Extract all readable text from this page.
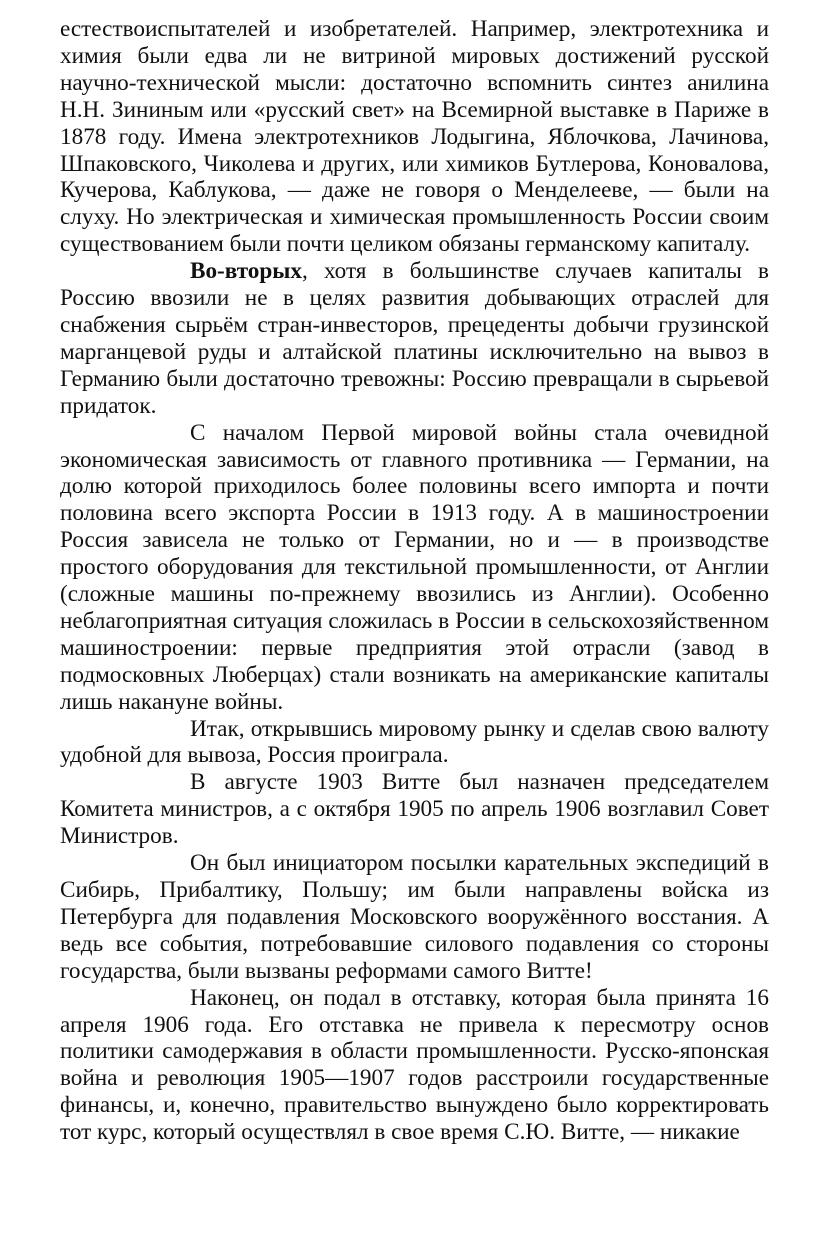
естествоиспытателей и изобретателей. Например, электротехника и химия были едва ли не витриной мировых достижений русской научно-технической мысли: достаточно вспомнить синтез анилина Н.Н. Зининым или «русский свет» на Всемирной выставке в Париже в 1878 году. Имена электротехников Лодыгина, Яблочкова, Лачинова, Шпаковского, Чиколева и других, или химиков Бутлерова, Коновалова, Кучерова, Каблукова, — даже не говоря о Менделееве, — были на слуху. Но электрическая и химическая промышленность России своим существованием были почти целиком обязаны германскому капиталу.

Во-вторых, хотя в большинстве случаев капиталы в Россию ввозили не в целях развития добывающих отраслей для снабжения сырьём стран-инвесторов, прецеденты добычи грузинской марганцевой руды и алтайской платины исключительно на вывоз в Германию были достаточно тревожны: Россию превращали в сырьевой придаток.

С началом Первой мировой войны стала очевидной экономическая зависимость от главного противника — Германии, на долю которой приходилось более половины всего импорта и почти половина всего экспорта России в 1913 году. А в машиностроении Россия зависела не только от Германии, но и — в производстве простого оборудования для текстильной промышленности, от Англии (сложные машины по-прежнему ввозились из Англии). Особенно неблагоприятная ситуация сложилась в России в сельскохозяйственном машиностроении: первые предприятия этой отрасли (завод в подмосковных Люберцах) стали возникать на американские капиталы лишь накануне войны.

Итак, открывшись мировому рынку и сделав свою валюту удобной для вывоза, Россия проиграла.

В августе 1903 Витте был назначен председателем Комитета министров, а с октября 1905 по апрель 1906 возглавил Совет Министров.

Он был инициатором посылки карательных экспедиций в Сибирь, Прибалтику, Польшу; им были направлены войска из Петербурга для подавления Московского вооружённого восстания. А ведь все события, потребовавшие силового подавления со стороны государства, были вызваны реформами самого Витте!

Наконец, он подал в отставку, которая была принята 16 апреля 1906 года. Его отставка не привела к пересмотру основ политики самодержавия в области промышленности. Русско-японская война и революция 1905—1907 годов расстроили государственные финансы, и, конечно, правительство вынуждено было корректировать тот курс, который осуществлял в свое время С.Ю. Витте, — никакие
